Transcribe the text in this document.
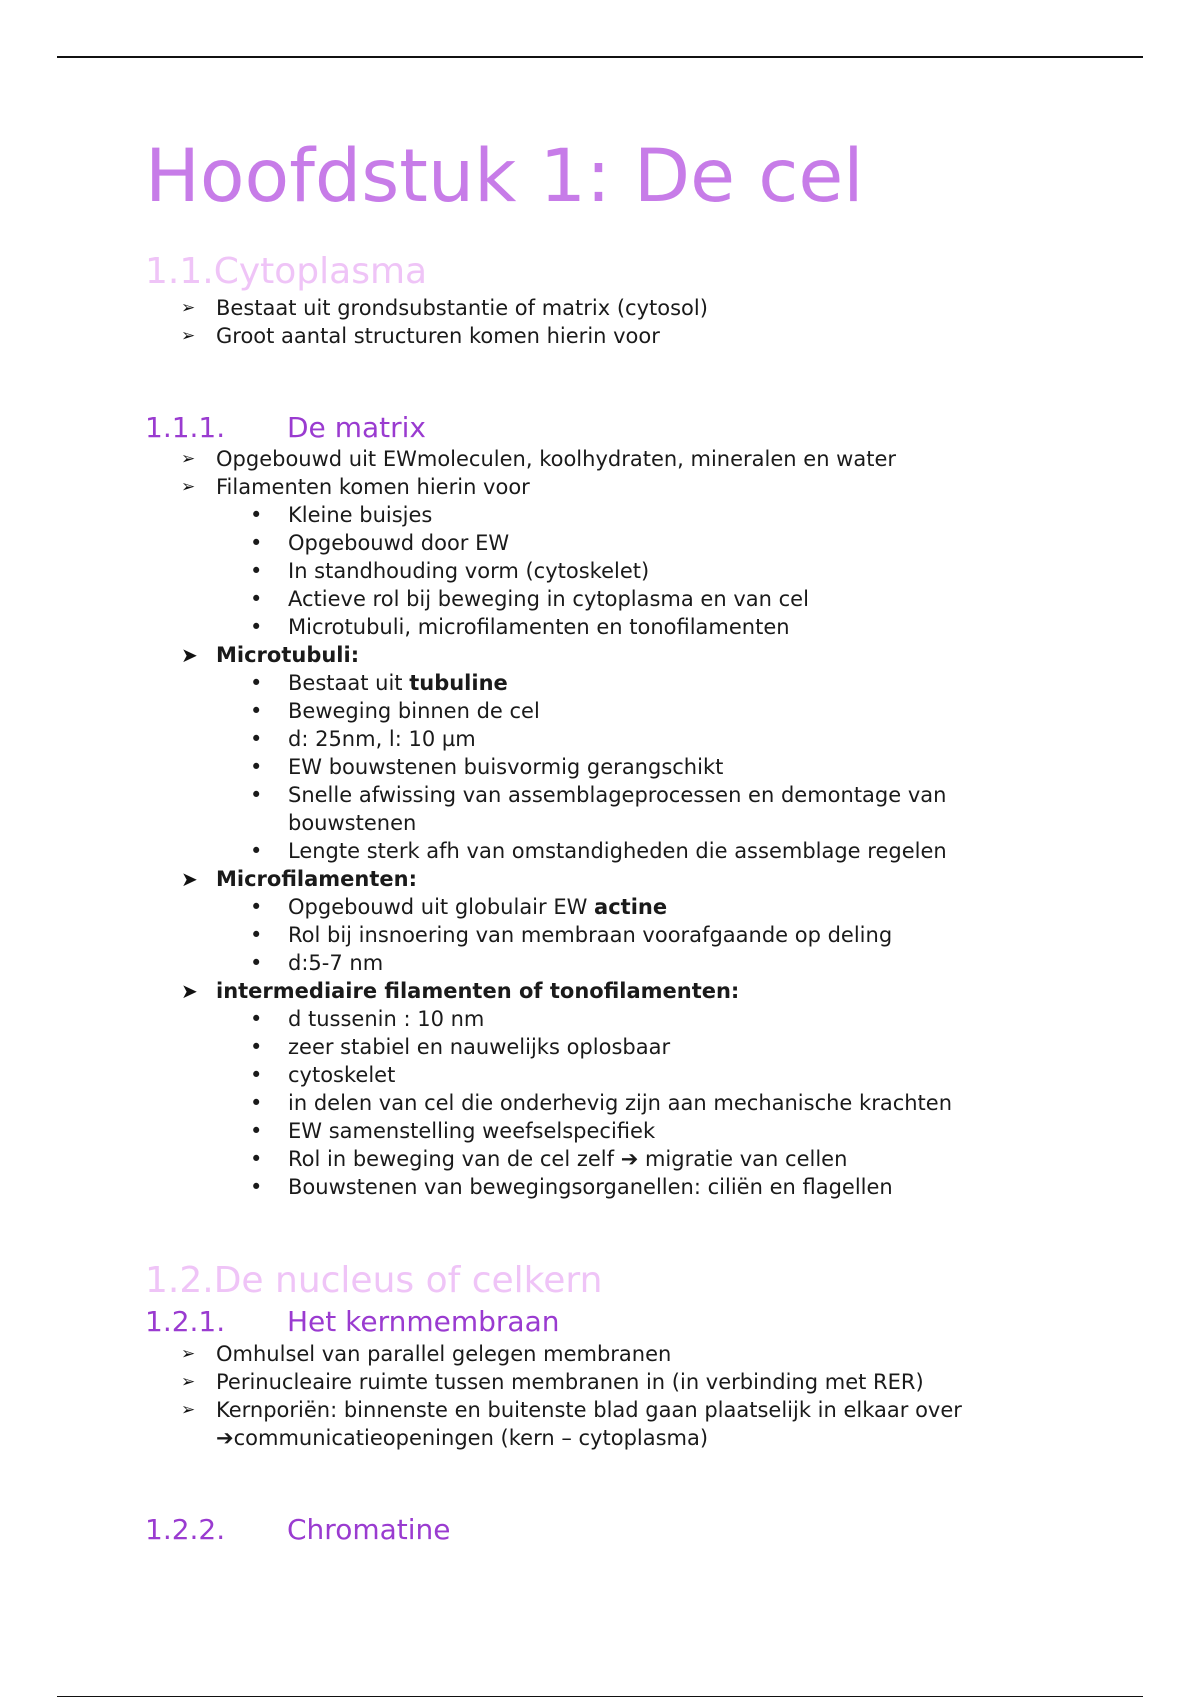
Hoofdstuk 1: De cel
1.1.Cytoplasma
➢ Bestaat uit grondsubstantie of matrix (cytosol)
➢ Groot aantal structuren komen hierin voor
1.1.1. De matrix
➢ Opgebouwd uit EWmoleculen, koolhydraten, mineralen en water
➢ Filamenten komen hierin voor
• Kleine buisjes
• Opgebouwd door EW
• In standhouding vorm (cytoskelet)
• Actieve rol bij beweging in cytoplasma en van cel
• Microtubuli, microfilamenten en tonofilamenten
➤ Microtubuli:
• Bestaat uit tubuline
• Beweging binnen de cel
• d: 25nm, l: 10 µm
• EW bouwstenen buisvormig gerangschikt
• Snelle afwissing van assemblageprocessen en demontage van
bouwstenen
• Lengte sterk afh van omstandigheden die assemblage regelen
➤ Microfilamenten:
• Opgebouwd uit globulair EW actine
• Rol bij insnoering van membraan voorafgaande op deling
• d:5-7 nm
➤ intermediaire filamenten of tonofilamenten:
• d tussenin : 10 nm
• zeer stabiel en nauwelijks oplosbaar
• cytoskelet
• in delen van cel die onderhevig zijn aan mechanische krachten
• EW samenstelling weefselspecifiek
• Rol in beweging van de cel zelf ➔ migratie van cellen
• Bouwstenen van bewegingsorganellen: ciliën en flagellen
1.2.De nucleus of celkern
1.2.1. Het kernmembraan
➢ Omhulsel van parallel gelegen membranen
➢ Perinucleaire ruimte tussen membranen in (in verbinding met RER)
➢ Kernporiën: binnenste en buitenste blad gaan plaatselijk in elkaar over
➔communicatieopeningen (kern – cytoplasma)
1.2.2. Chromatine
